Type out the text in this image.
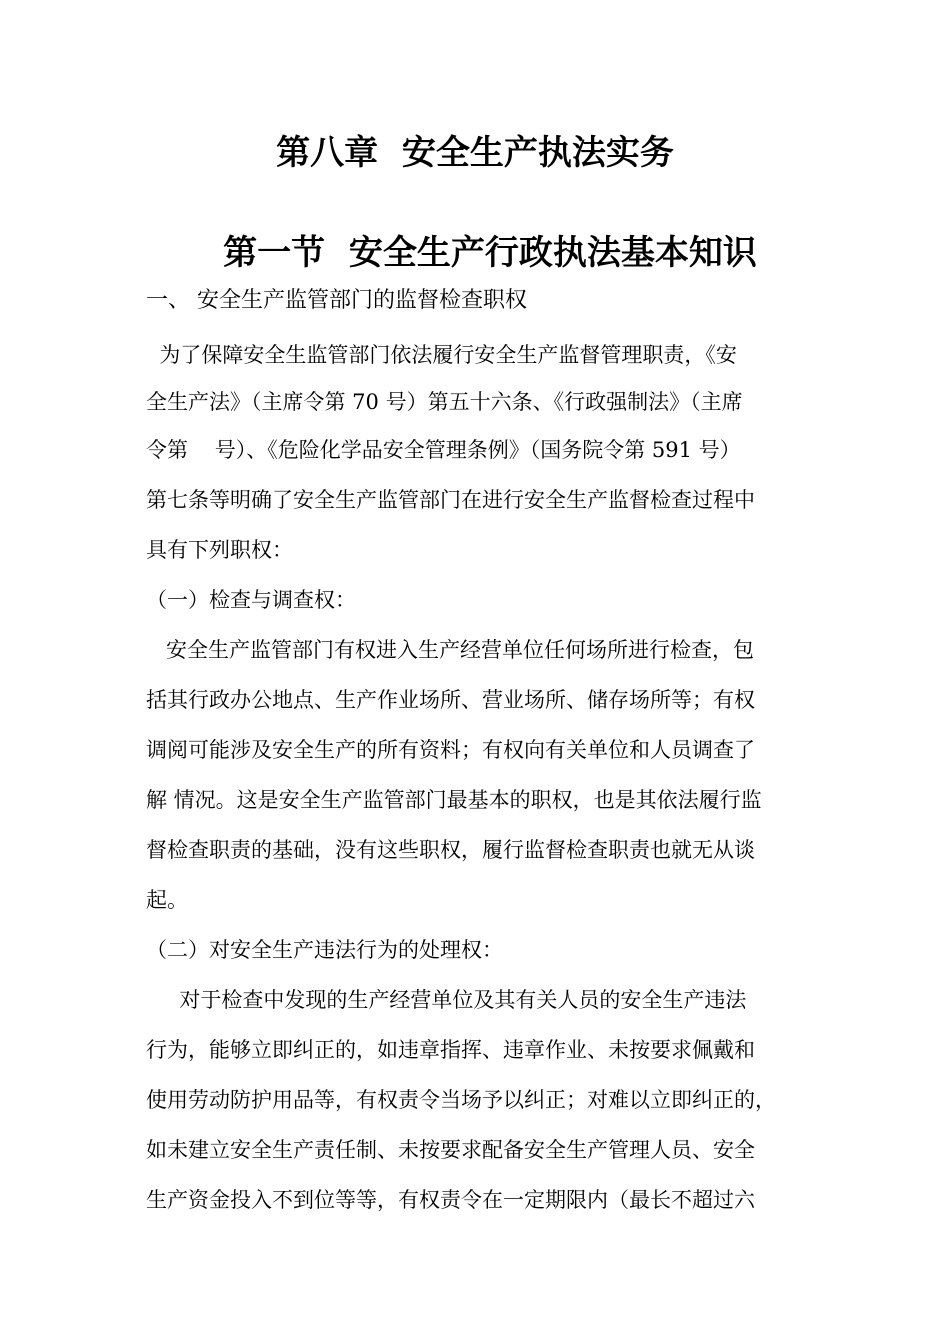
第八章  安全生产执法实务
第一节  安全生产行政执法基本知识
一、 安全生产监管部门的监督检查职权
为了保障安全生监管部门依法履行安全生产监督管理职责，《安
全生产法》（主席令第 70 号）第五十六条、《行政强制法》（主席
令第    号）、《危险化学品安全管理条例》（国务院令第 591 号）
第七条等明确了安全生产监管部门在进行安全生产监督检查过程中
具有下列职权：
（一）检查与调查权：
安全生产监管部门有权进入生产经营单位任何场所进行检查，包
括其行政办公地点、生产作业场所、营业场所、储存场所等；有权
调阅可能涉及安全生产的所有资料；有权向有关单位和人员调查了
解 情况。这是安全生产监管部门最基本的职权，也是其依法履行监
督检查职责的基础，没有这些职权，履行监督检查职责也就无从谈
起。
（二）对安全生产违法行为的处理权：
对于检查中发现的生产经营单位及其有关人员的安全生产违法
行为，能够立即纠正的，如违章指挥、违章作业、未按要求佩戴和
使用劳动防护用品等，有权责令当场予以纠正；对难以立即纠正的，
如未建立安全生产责任制、未按要求配备安全生产管理人员、安全
生产资金投入不到位等等，有权责令在一定期限内（最长不超过六
